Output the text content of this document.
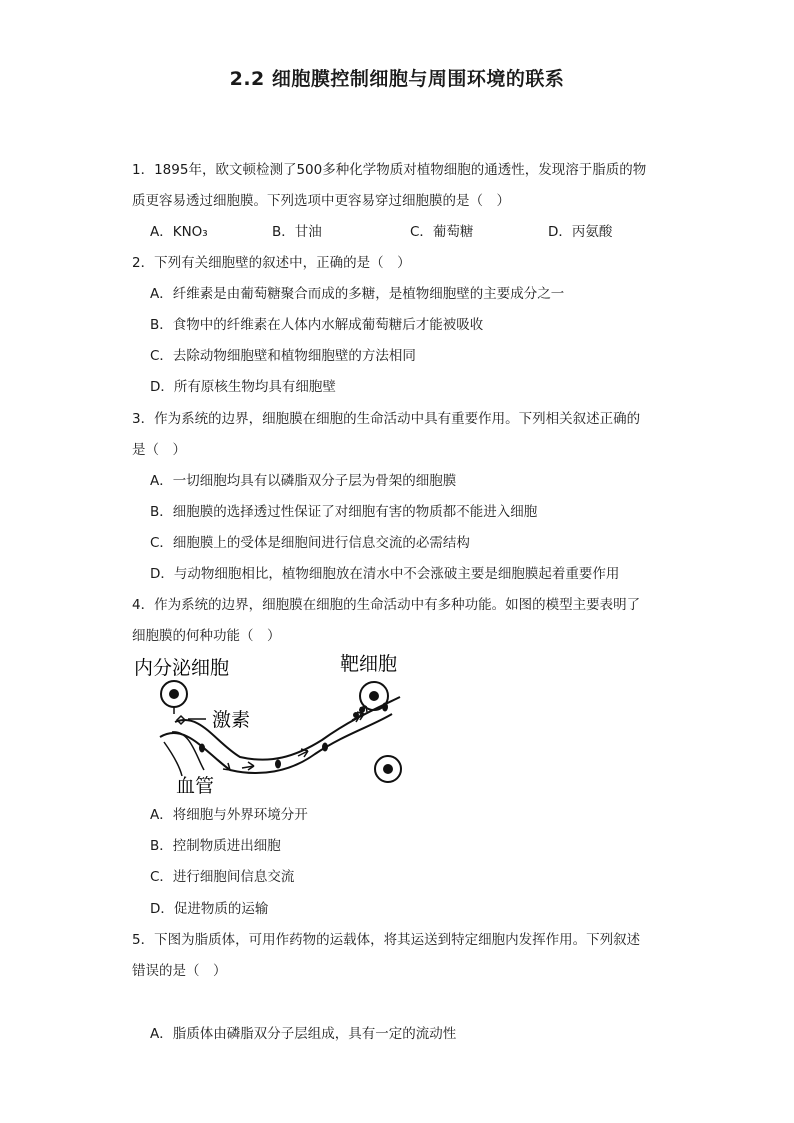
2.2 细胞膜控制细胞与周围环境的联系
1．1895年，欧文顿检测了500多种化学物质对植物细胞的通透性，发现溶于脂质的物
质更容易透过细胞膜。下列选项中更容易穿过细胞膜的是（　）
A．KNO₃	B．甘油	C．葡萄糖	D．丙氨酸
2．下列有关细胞壁的叙述中，正确的是（　）
A．纤维素是由葡萄糖聚合而成的多糖，是植物细胞壁的主要成分之一
B．食物中的纤维素在人体内水解成葡萄糖后才能被吸收
C．去除动物细胞壁和植物细胞壁的方法相同
D．所有原核生物均具有细胞壁
3．作为系统的边界，细胞膜在细胞的生命活动中具有重要作用。下列相关叙述正确的
是（　）
A．一切细胞均具有以磷脂双分子层为骨架的细胞膜
B．细胞膜的选择透过性保证了对细胞有害的物质都不能进入细胞
C．细胞膜上的受体是细胞间进行信息交流的必需结构
D．与动物细胞相比，植物细胞放在清水中不会涨破主要是细胞膜起着重要作用
4．作为系统的边界，细胞膜在细胞的生命活动中有多种功能。如图的模型主要表明了
细胞膜的何种功能（　）
内分泌细胞	靶细胞
激素
血管
A．将细胞与外界环境分开
B．控制物质进出细胞
C．进行细胞间信息交流
D．促进物质的运输
5．下图为脂质体，可用作药物的运载体，将其运送到特定细胞内发挥作用。下列叙述
错误的是（　）
A．脂质体由磷脂双分子层组成，具有一定的流动性
